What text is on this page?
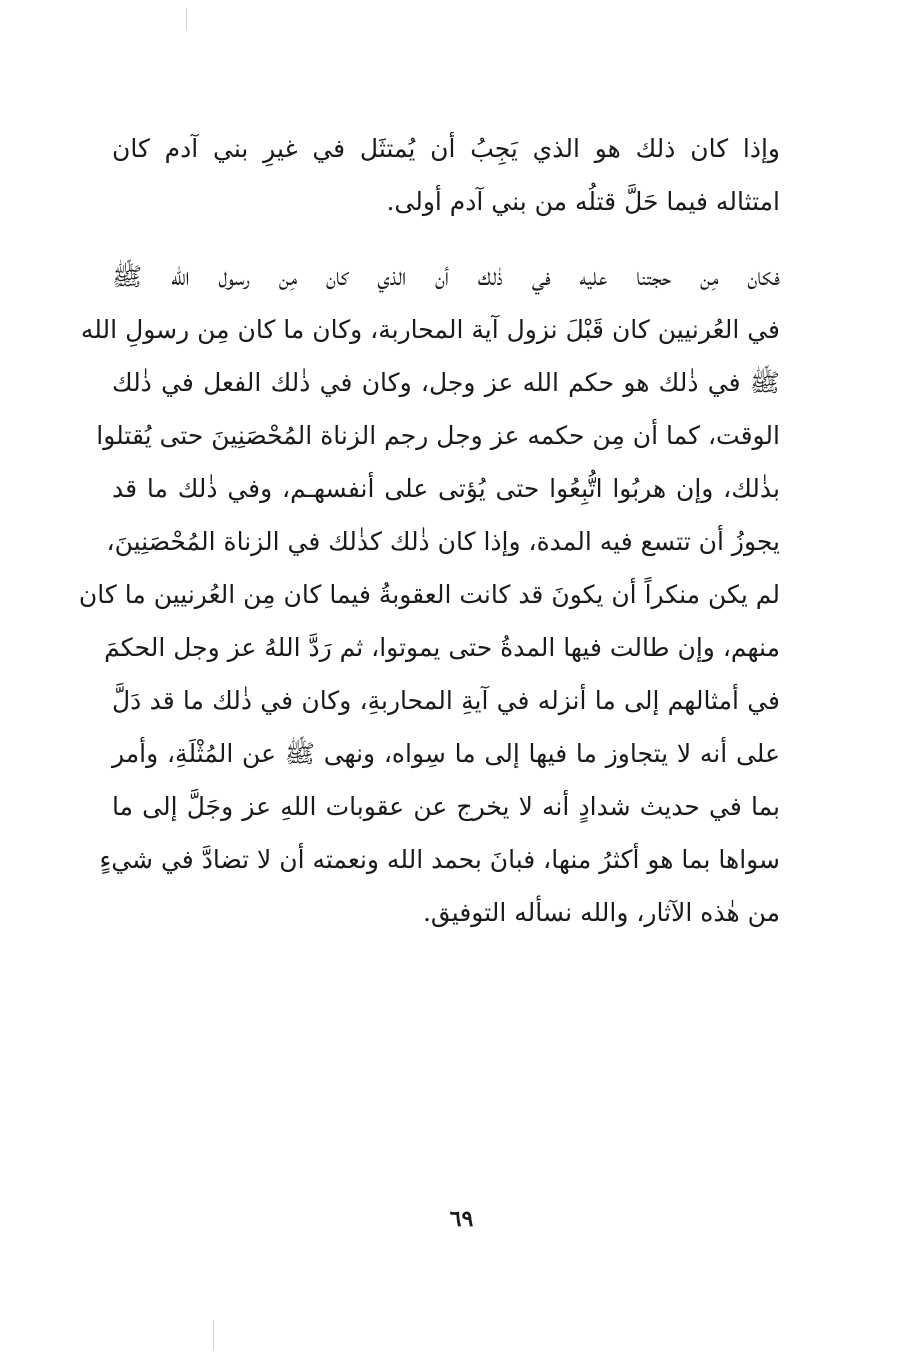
وإذا كان ذلك هو الذي يَجِبُ أن يُمتثَل في غيرِ بني آدم كان
امتثاله فيما حَلَّ قتلُه من بني آدم أولى.

فكان مِن حجتنا عليه في ذٰلك أن الذي كان مِن رسول الله ﷺ
في العُرنيين كان قَبْلَ نزول آية المحاربة، وكان ما كان مِن رسولِ الله
ﷺ في ذٰلك هو حكم الله عز وجل، وكان في ذٰلك الفعل في ذٰلك
الوقت، كما أن مِن حكمه عز وجل رجم الزناة المُحْصَنِينَ حتى يُقتلوا
بذٰلك، وإن هربُوا اتُّبِعُوا حتى يُؤتى على أنفسهـم، وفي ذٰلك ما قد
يجوزُ أن تتسع فيه المدة، وإذا كان ذٰلك كذٰلك في الزناة المُحْصَنِينَ،
لم يكن منكراً أن يكونَ قد كانت العقوبةُ فيما كان مِن العُرنيين ما كان
منهم، وإن طالت فيها المدةُ حتى يموتوا، ثم رَدَّ اللهُ عز وجل الحكمَ
في أمثالهم إلى ما أنزله في آيةِ المحاربةِ، وكان في ذٰلك ما قد دَلَّ
على أنه لا يتجاوز ما فيها إلى ما سِواه، ونهى ﷺ عن المُثْلَةِ، وأمر
بما في حديث شدادٍ أنه لا يخرج عن عقوبات اللهِ عز وجَلَّ إلى ما
سواها بما هو أكثرُ منها، فبانَ بحمد الله ونعمته أن لا تضادَّ في شيءٍ
من هٰذه الآثار، والله نسأله التوفيق.

٦٩
